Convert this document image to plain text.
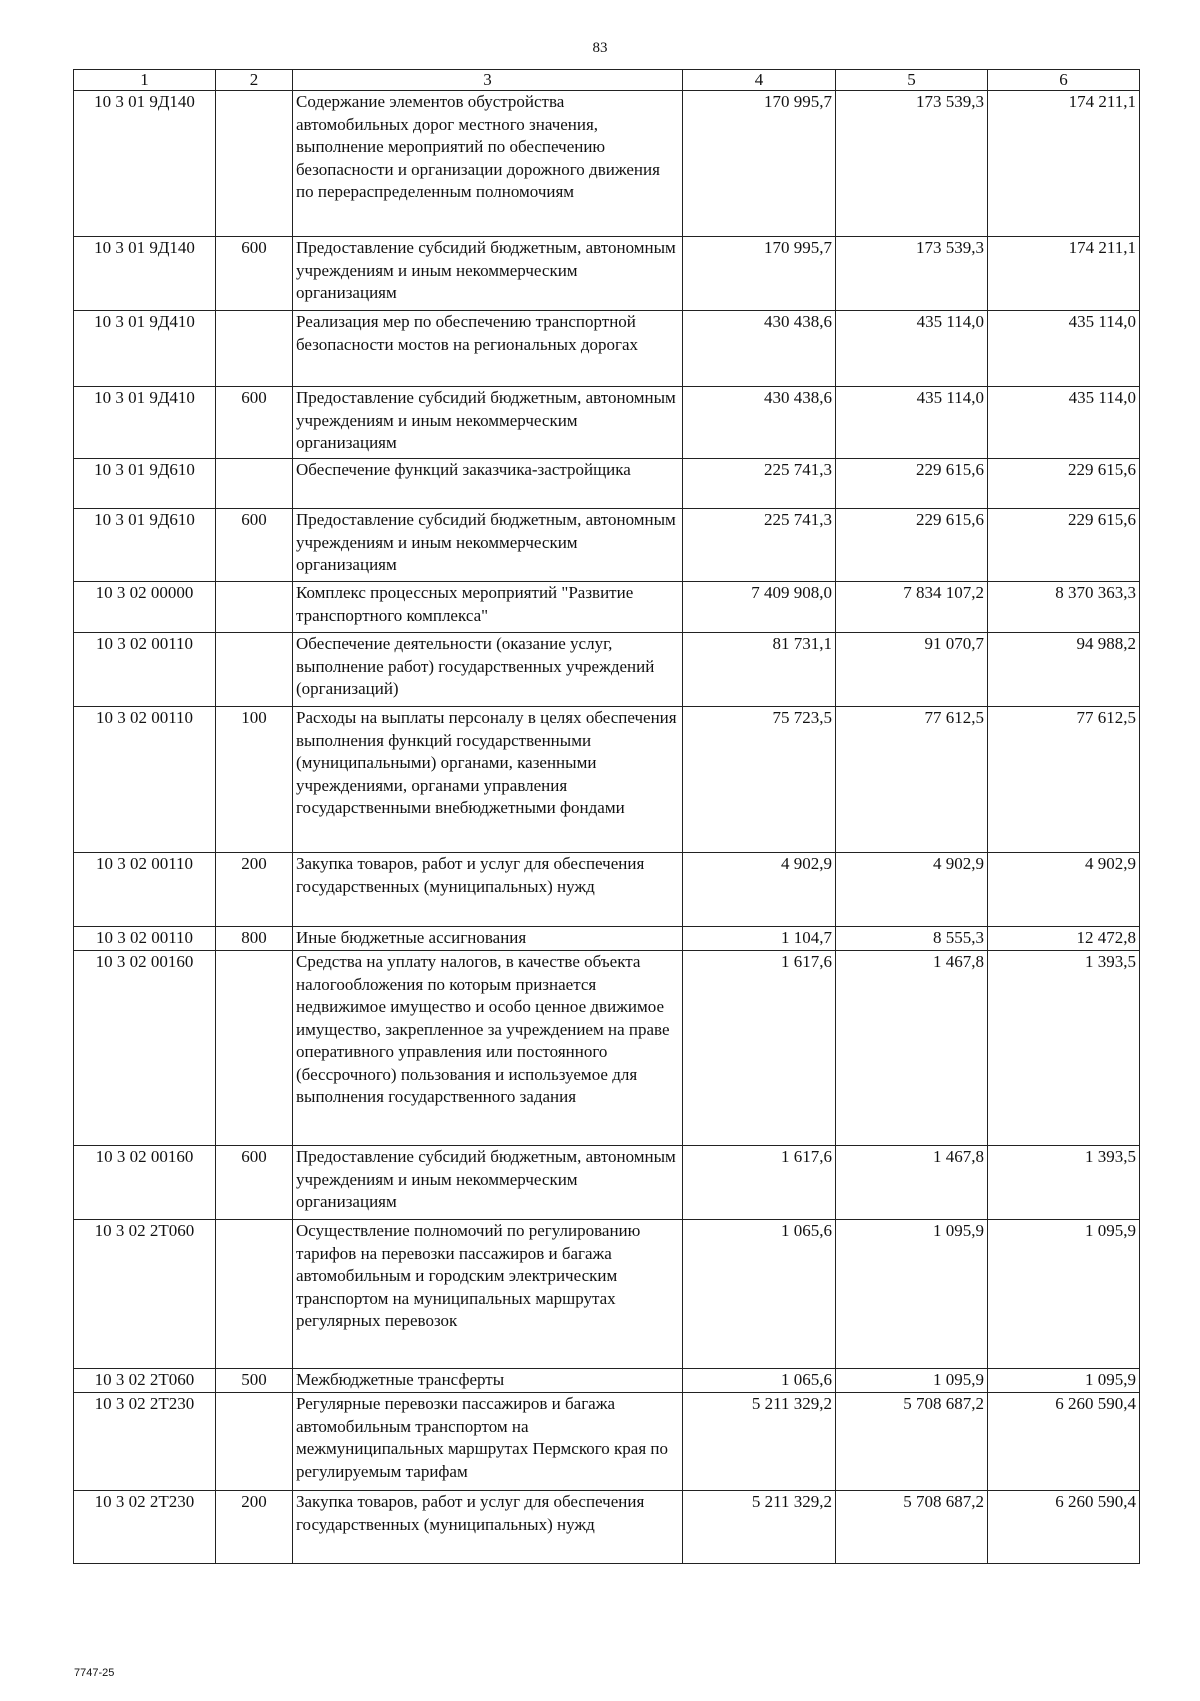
83
1	2	3	4	5	6
10 3 01 9Д140		Содержание элементов обустройства автомобильных дорог местного значения, выполнение мероприятий по обеспечению безопасности и организации дорожного движения по перераспределенным полномочиям	170 995,7	173 539,3	174 211,1
10 3 01 9Д140	600	Предоставление субсидий бюджетным, автономным учреждениям и иным некоммерческим организациям	170 995,7	173 539,3	174 211,1
10 3 01 9Д410		Реализация мер по обеспечению транспортной безопасности мостов на региональных дорогах	430 438,6	435 114,0	435 114,0
10 3 01 9Д410	600	Предоставление субсидий бюджетным, автономным учреждениям и иным некоммерческим организациям	430 438,6	435 114,0	435 114,0
10 3 01 9Д610		Обеспечение функций заказчика-застройщика	225 741,3	229 615,6	229 615,6
10 3 01 9Д610	600	Предоставление субсидий бюджетным, автономным учреждениям и иным некоммерческим организациям	225 741,3	229 615,6	229 615,6
10 3 02 00000		Комплекс процессных мероприятий "Развитие транспортного комплекса"	7 409 908,0	7 834 107,2	8 370 363,3
10 3 02 00110		Обеспечение деятельности (оказание услуг, выполнение работ) государственных учреждений (организаций)	81 731,1	91 070,7	94 988,2
10 3 02 00110	100	Расходы на выплаты персоналу в целях обеспечения выполнения функций государственными (муниципальными) органами, казенными учреждениями, органами управления государственными внебюджетными фондами	75 723,5	77 612,5	77 612,5
10 3 02 00110	200	Закупка товаров, работ и услуг для обеспечения государственных (муниципальных) нужд	4 902,9	4 902,9	4 902,9
10 3 02 00110	800	Иные бюджетные ассигнования	1 104,7	8 555,3	12 472,8
10 3 02 00160		Средства на уплату налогов, в качестве объекта налогообложения по которым признается недвижимое имущество и особо ценное движимое имущество, закрепленное за учреждением на праве оперативного управления или постоянного (бессрочного) пользования и используемое для выполнения государственного задания	1 617,6	1 467,8	1 393,5
10 3 02 00160	600	Предоставление субсидий бюджетным, автономным учреждениям и иным некоммерческим организациям	1 617,6	1 467,8	1 393,5
10 3 02 2Т060		Осуществление полномочий по регулированию тарифов на перевозки пассажиров и багажа автомобильным и городским электрическим транспортом на муниципальных маршрутах регулярных перевозок	1 065,6	1 095,9	1 095,9
10 3 02 2Т060	500	Межбюджетные трансферты	1 065,6	1 095,9	1 095,9
10 3 02 2Т230		Регулярные перевозки пассажиров и багажа автомобильным транспортом на межмуниципальных маршрутах Пермского края по регулируемым тарифам	5 211 329,2	5 708 687,2	6 260 590,4
10 3 02 2Т230	200	Закупка товаров, работ и услуг для обеспечения государственных (муниципальных) нужд	5 211 329,2	5 708 687,2	6 260 590,4
7747-25
